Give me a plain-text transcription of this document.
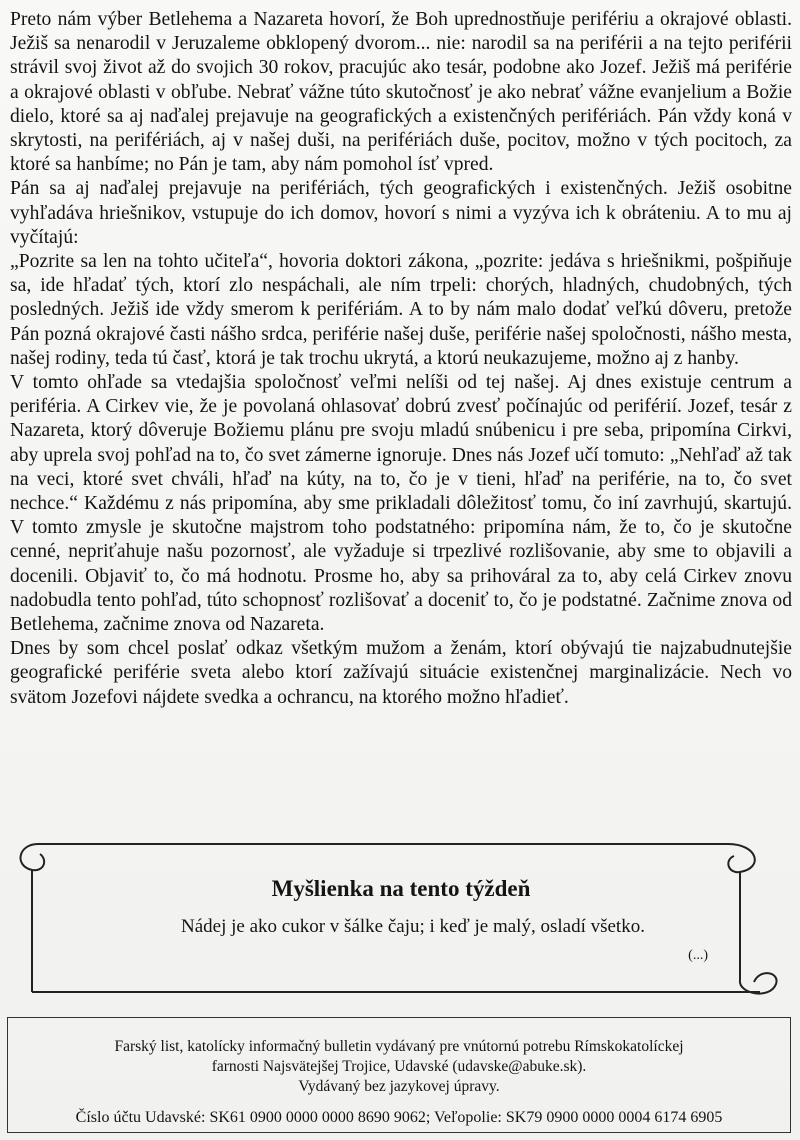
Preto nám výber Betlehema a Nazareta hovorí, že Boh uprednostňuje perifériu a okrajové oblasti. Ježiš sa nenarodil v Jeruzaleme obklopený dvorom... nie: narodil sa na periférii a na tejto periférii strávil svoj život až do svojich 30 rokov, pracujúc ako tesár, podobne ako Jozef. Ježiš má periférie a okrajové oblasti v obľube. Nebrať vážne túto skutočnosť je ako nebrať vážne evanjelium a Božie dielo, ktoré sa aj naďalej prejavuje na geografických a existenčných perifériách. Pán vždy koná v skrytosti, na perifériách, aj v našej duši, na perifériách duše, pocitov, možno v tých pocitoch, za ktoré sa hanbíme; no Pán je tam, aby nám pomohol ísť vpred.

Pán sa aj naďalej prejavuje na perifériách, tých geografických i existenčných. Ježiš osobitne vyhľadáva hriešnikov, vstupuje do ich domov, hovorí s nimi a vyzýva ich k obráteniu. A to mu aj vyčítajú:

„Pozrite sa len na tohto učiteľa“, hovoria doktori zákona, „pozrite: jedáva s hriešnikmi, pošpiňuje sa, ide hľadať tých, ktorí zlo nespáchali, ale ním trpeli: chorých, hladných, chudobných, tých posledných. Ježiš ide vždy smerom k perifériám. A to by nám malo dodať veľkú dôveru, pretože Pán pozná okrajové časti nášho srdca, periférie našej duše, periférie našej spoločnosti, nášho mesta, našej rodiny, teda tú časť, ktorá je tak trochu ukrytá, a ktorú neukazujeme, možno aj z hanby.

V tomto ohľade sa vtedajšia spoločnosť veľmi nelíši od tej našej. Aj dnes existuje centrum a periféria. A Cirkev vie, že je povolaná ohlasovať dobrú zvesť počínajúc od periférií. Jozef, tesár z Nazareta, ktorý dôveruje Božiemu plánu pre svoju mladú snúbenicu i pre seba, pripomína Cirkvi, aby uprela svoj pohľad na to, čo svet zámerne ignoruje. Dnes nás Jozef učí tomuto: „Nehľaď až tak na veci, ktoré svet chváli, hľaď na kúty, na to, čo je v tieni, hľaď na periférie, na to, čo svet nechce.“ Každému z nás pripomína, aby sme prikladali dôležitosť tomu, čo iní zavrhujú, skartujú. V tomto zmysle je skutočne majstrom toho podstatného: pripomína nám, že to, čo je skutočne cenné, nepriťahuje našu pozornosť, ale vyžaduje si trpezlivé rozlišovanie, aby sme to objavili a docenili. Objaviť to, čo má hodnotu. Prosme ho, aby sa prihováral za to, aby celá Cirkev znovu nadobudla tento pohľad, túto schopnosť rozlišovať a doceniť to, čo je podstatné. Začnime znova od Betlehema, začnime znova od Nazareta.

Dnes by som chcel poslať odkaz všetkým mužom a ženám, ktorí obývajú tie najzabudnutejšie geografické periférie sveta alebo ktorí zažívajú situácie existenčnej marginalizácie. Nech vo svätom Jozefovi nájdete svedka a ochrancu, na ktorého možno hľadieť.

Myšlienka na tento týždeň
Nádej je ako cukor v šálke čaju; i keď je malý, osladí všetko.
(...)
Farský list, katolícky informačný bulletin vydávaný pre vnútornú potrebu Rímskokatolíckej
farnosti Najsvätejšej Trojice, Udavské (udavske@abuke.sk).
Vydávaný bez jazykovej úpravy.
Číslo účtu Udavské: SK61 0900 0000 0000 8690 9062; Veľopolie: SK79 0900 0000 0004 6174 6905
